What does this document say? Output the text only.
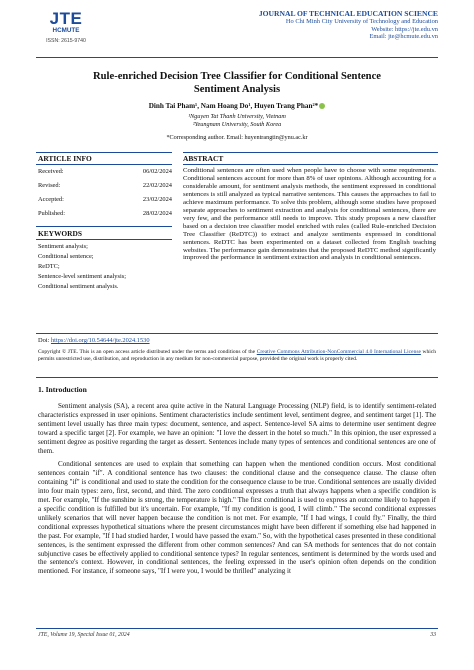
JTE
HCMUTE
ISSN: 2615-9740
JOURNAL OF TECHNICAL EDUCATION SCIENCE
Ho Chi Minh City University of Technology and Education
Website: https://jte.edu.vn
Email: jte@hcmute.edu.vn
Rule-enriched Decision Tree Classifier for Conditional Sentence
Sentiment Analysis
Dinh Tai Pham¹, Nam Hoang Do¹, Huyen Trang Phan²*
¹Nguyen Tat Thanh University, Vietnam
²Yeungnam University, South Korea
*Corresponding author. Email: huyentrangtin@ynu.ac.kr
ARTICLE INFO
Received:	06/02/2024
Revised:	22/02/2024
Accepted:	23/02/2024
Published:	28/02/2024
KEYWORDS
Sentiment analysis;
Conditional sentence;
ReDTC;
Sentence-level sentiment analysis;
Conditional sentiment analysis.
ABSTRACT
Conditional sentences are often used when people have to choose with some requirements. Conditional sentences account for more than 8% of user opinions. Although accounting for a considerable amount, for sentiment analysis methods, the sentiment expressed in conditional sentences is still analyzed as typical narrative sentences. This causes the approaches to fail to achieve maximum performance. To solve this problem, although some studies have proposed separate approaches to sentiment extraction and analysis for conditional sentences, there are very few, and the performance still needs to improve. This study proposes a new classifier based on a decision tree classifier model enriched with rules (called Rule-enriched Decision Tree Classifier (ReDTC)) to extract and analyze sentiments expressed in conditional sentences. ReDTC has been experimented on a dataset collected from English teaching websites. The performance gain demonstrates that the proposed ReDTC method significantly improved the performance in sentiment extraction and analysis in conditional sentences.
Doi: https://doi.org/10.54644/jte.2024.1530
Copyright © JTE. This is an open access article distributed under the terms and conditions of the Creative Commons Attribution-NonCommercial 4.0 International License which permits unrestricted use, distribution, and reproduction in any medium for non-commercial purpose, provided the original work is properly cited.
1. Introduction

Sentiment analysis (SA), a recent area quite active in the Natural Language Processing (NLP) field, is to identify sentiment-related characteristics expressed in user opinions. Sentiment characteristics include sentiment level, sentiment degree, and sentiment target [1]. The sentiment level usually has three main types: document, sentence, and aspect. Sentence-level SA aims to determine user sentiment degree toward a specific target [2]. For example, we have an opinion: "I love the dessert in the hotel so much." In this opinion, the user expressed a sentiment degree as positive regarding the target as dessert. Sentences include many types of sentences and conditional sentences are one of them.

Conditional sentences are used to explain that something can happen when the mentioned condition occurs. Most conditional sentences contain "if". A conditional sentence has two clauses: the conditional clause and the consequence clause. The clause often containing "if" is conditional and used to state the condition for the consequence clause to be true. Conditional sentences are usually divided into four main types: zero, first, second, and third. The zero conditional expresses a truth that always happens when a specific condition is met. For example, "If the sunshine is strong, the temperature is high." The first conditional is used to express an outcome likely to happen if a specific condition is fulfilled but it's uncertain. For example, "If my condition is good, I will climb." The second conditional expresses unlikely scenarios that will never happen because the condition is not met. For example, "If I had wings, I could fly." Finally, the third conditional expresses hypothetical situations where the present circumstances might have been different if something else had happened in the past. For example, "If I had studied harder, I would have passed the exam." So, with the hypothetical cases presented in these conditional sentences, is the sentiment expressed the different from other common sentences? And can SA methods for sentences that do not contain subjunctive cases be effectively applied to conditional sentence types? In regular sentences, sentiment is determined by the words used and the sentence's context. However, in conditional sentences, the feeling expressed in the user's opinion often depends on the condition mentioned. For instance, if someone says, "If I were you, I would be thrilled" analyzing it

JTE, Volume 19, Special Issue 01, 2024	33
